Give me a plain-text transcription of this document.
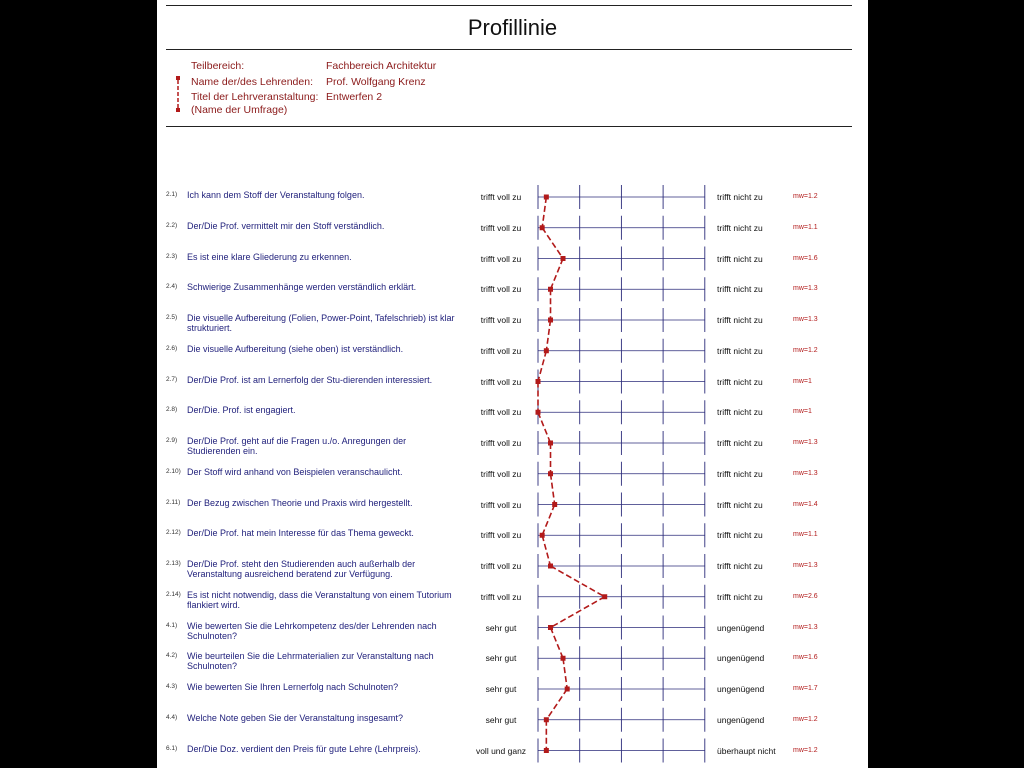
Profillinie
Teilbereich:	Fachbereich Architektur
Name der/des Lehrenden: Prof. Wolfgang Krenz
Titel der Lehrveranstaltung: Entwerfen 2
(Name der Umfrage)
2.1) Ich kann dem Stoff der Veranstaltung folgen.	trifft voll zu	trifft nicht zu	mw=1.2
2.2) Der/Die Prof. vermittelt mir den Stoff verständlich.	trifft voll zu	trifft nicht zu	mw=1.1
2.3) Es ist eine klare Gliederung zu erkennen.	trifft voll zu	trifft nicht zu	mw=1.6
2.4) Schwierige Zusammenhänge werden verständlich erklärt.	trifft voll zu	trifft nicht zu	mw=1.3
2.5) Die visuelle Aufbereitung (Folien, Power-Point, Tafelschrieb) ist klar strukturiert.
trifft voll zu	trifft nicht zu	mw=1.3
2.6) Die visuelle Aufbereitung (siehe oben) ist verständlich.	trifft voll zu	trifft nicht zu	mw=1.2
2.7) Der/Die Prof. ist am Lernerfolg der Stu-dierenden interessiert.	trifft voll zu	trifft nicht zu	mw=1
2.8) Der/Die. Prof. ist engagiert.	trifft voll zu	trifft nicht zu	mw=1
2.9) Der/Die Prof. geht auf die Fragen u./o. Anregungen der Studierenden ein.
trifft voll zu	trifft nicht zu	mw=1.3
2.10) Der Stoff wird anhand von Beispielen veranschaulicht.	trifft voll zu	trifft nicht zu	mw=1.3
2.11) Der Bezug zwischen Theorie und Praxis wird hergestellt.	trifft voll zu	trifft nicht zu	mw=1.4
2.12) Der/Die Prof. hat mein Interesse für das Thema geweckt.	trifft voll zu	trifft nicht zu	mw=1.1
2.13) Der/Die Prof. steht den Studierenden auch außerhalb der Veranstaltung ausreichend beratend zur Verfügung.
trifft voll zu	trifft nicht zu	mw=1.3
2.14) Es ist nicht notwendig, dass die Veranstaltung von einem Tutorium flankiert wird.
trifft voll zu	trifft nicht zu	mw=2.6
4.1) Wie bewerten Sie die Lehrkompetenz des/der Lehrenden nach Schulnoten?
sehr gut	ungenügend	mw=1.3
4.2) Wie beurteilen Sie die Lehrmaterialien zur Veranstaltung nach Schulnoten?
sehr gut	ungenügend	mw=1.6
4.3) Wie bewerten Sie Ihren Lernerfolg nach Schulnoten?	sehr gut	ungenügend	mw=1.7
4.4) Welche Note geben Sie der Veranstaltung insgesamt?	sehr gut	ungenügend	mw=1.2
6.1) Der/Die Doz. verdient den Preis für gute Lehre (Lehrpreis).	voll und ganz	überhaupt nicht mw=1.2
